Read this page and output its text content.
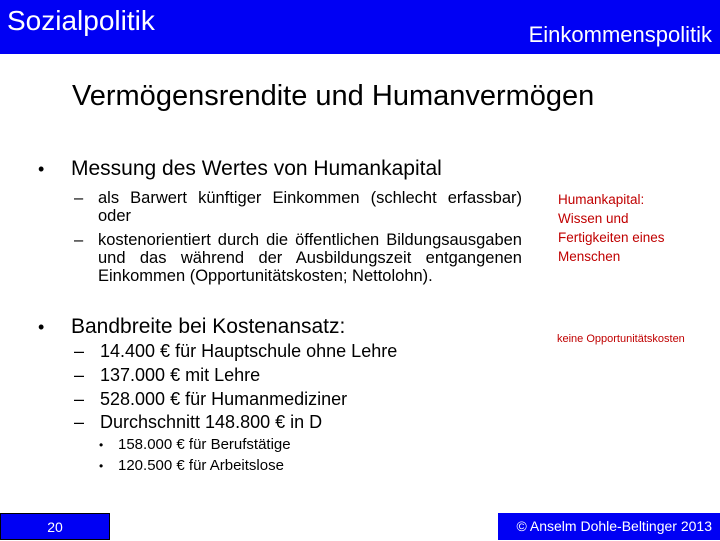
Sozialpolitik	Einkommenspolitik
Vermögensrendite und Humanvermögen
• Messung des Wertes von Humankapital
– als Barwert künftiger Einkommen (schlecht erfassbar) oder
– kostenorientiert durch die öffentlichen Bildungsausgaben und das während der Ausbildungszeit entgangenen Einkommen (Opportunitätskosten; Nettolohn).
• Bandbreite bei Kostenansatz:
– 14.400 € für Hauptschule ohne Lehre
– 137.000 € mit Lehre
– 528.000 € für Humanmediziner
– Durchschnitt 148.800 € in D
• 158.000 € für Berufstätige
• 120.500 € für Arbeitslose
Humankapital:
Wissen und
Fertigkeiten eines
Menschen
keine Opportunitätskosten
20	© Anselm Dohle-Beltinger 2013
